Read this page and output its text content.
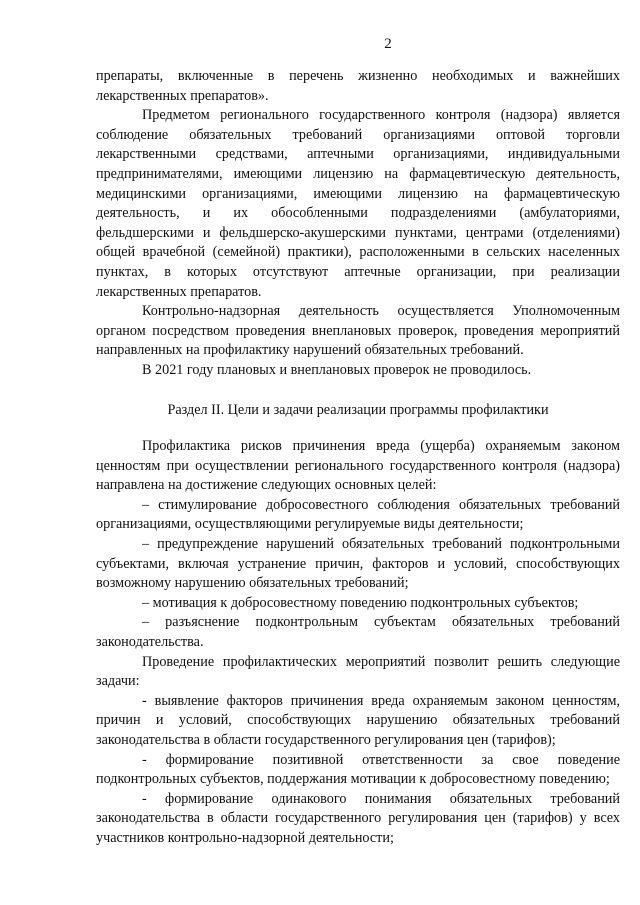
2

препараты, включенные в перечень жизненно необходимых и важнейших лекарственных препаратов».

Предметом регионального государственного контроля (надзора) является соблюдение обязательных требований организациями оптовой торговли лекарственными средствами, аптечными организациями, индивидуальными предпринимателями, имеющими лицензию на фармацевтическую деятельность, медицинскими организациями, имеющими лицензию на фармацевтическую деятельность, и их обособленными подразделениями (амбулаториями, фельдшерскими и фельдшерско-акушерскими пунктами, центрами (отделениями) общей врачебной (семейной) практики), расположенными в сельских населенных пунктах, в которых отсутствуют аптечные организации, при реализации лекарственных препаратов.

Контрольно-надзорная деятельность осуществляется Уполномоченным органом посредством проведения внеплановых проверок, проведения мероприятий направленных на профилактику нарушений обязательных требований.

В 2021 году плановых и внеплановых проверок не проводилось.

Раздел II. Цели и задачи реализации программы профилактики

Профилактика рисков причинения вреда (ущерба) охраняемым законом ценностям при осуществлении регионального государственного контроля (надзора) направлена на достижение следующих основных целей:

– стимулирование добросовестного соблюдения обязательных требований организациями, осуществляющими регулируемые виды деятельности;

– предупреждение нарушений обязательных требований подконтрольными субъектами, включая устранение причин, факторов и условий, способствующих возможному нарушению обязательных требований;

– мотивация к добросовестному поведению подконтрольных субъектов;

– разъяснение подконтрольным субъектам обязательных требований законодательства.

Проведение профилактических мероприятий позволит решить следующие задачи:

- выявление факторов причинения вреда охраняемым законом ценностям, причин и условий, способствующих нарушению обязательных требований законодательства в области государственного регулирования цен (тарифов);

- формирование позитивной ответственности за свое поведение подконтрольных субъектов, поддержания мотивации к добросовестному поведению;

- формирование одинакового понимания обязательных требований законодательства в области государственного регулирования цен (тарифов) у всех участников контрольно-надзорной деятельности;
